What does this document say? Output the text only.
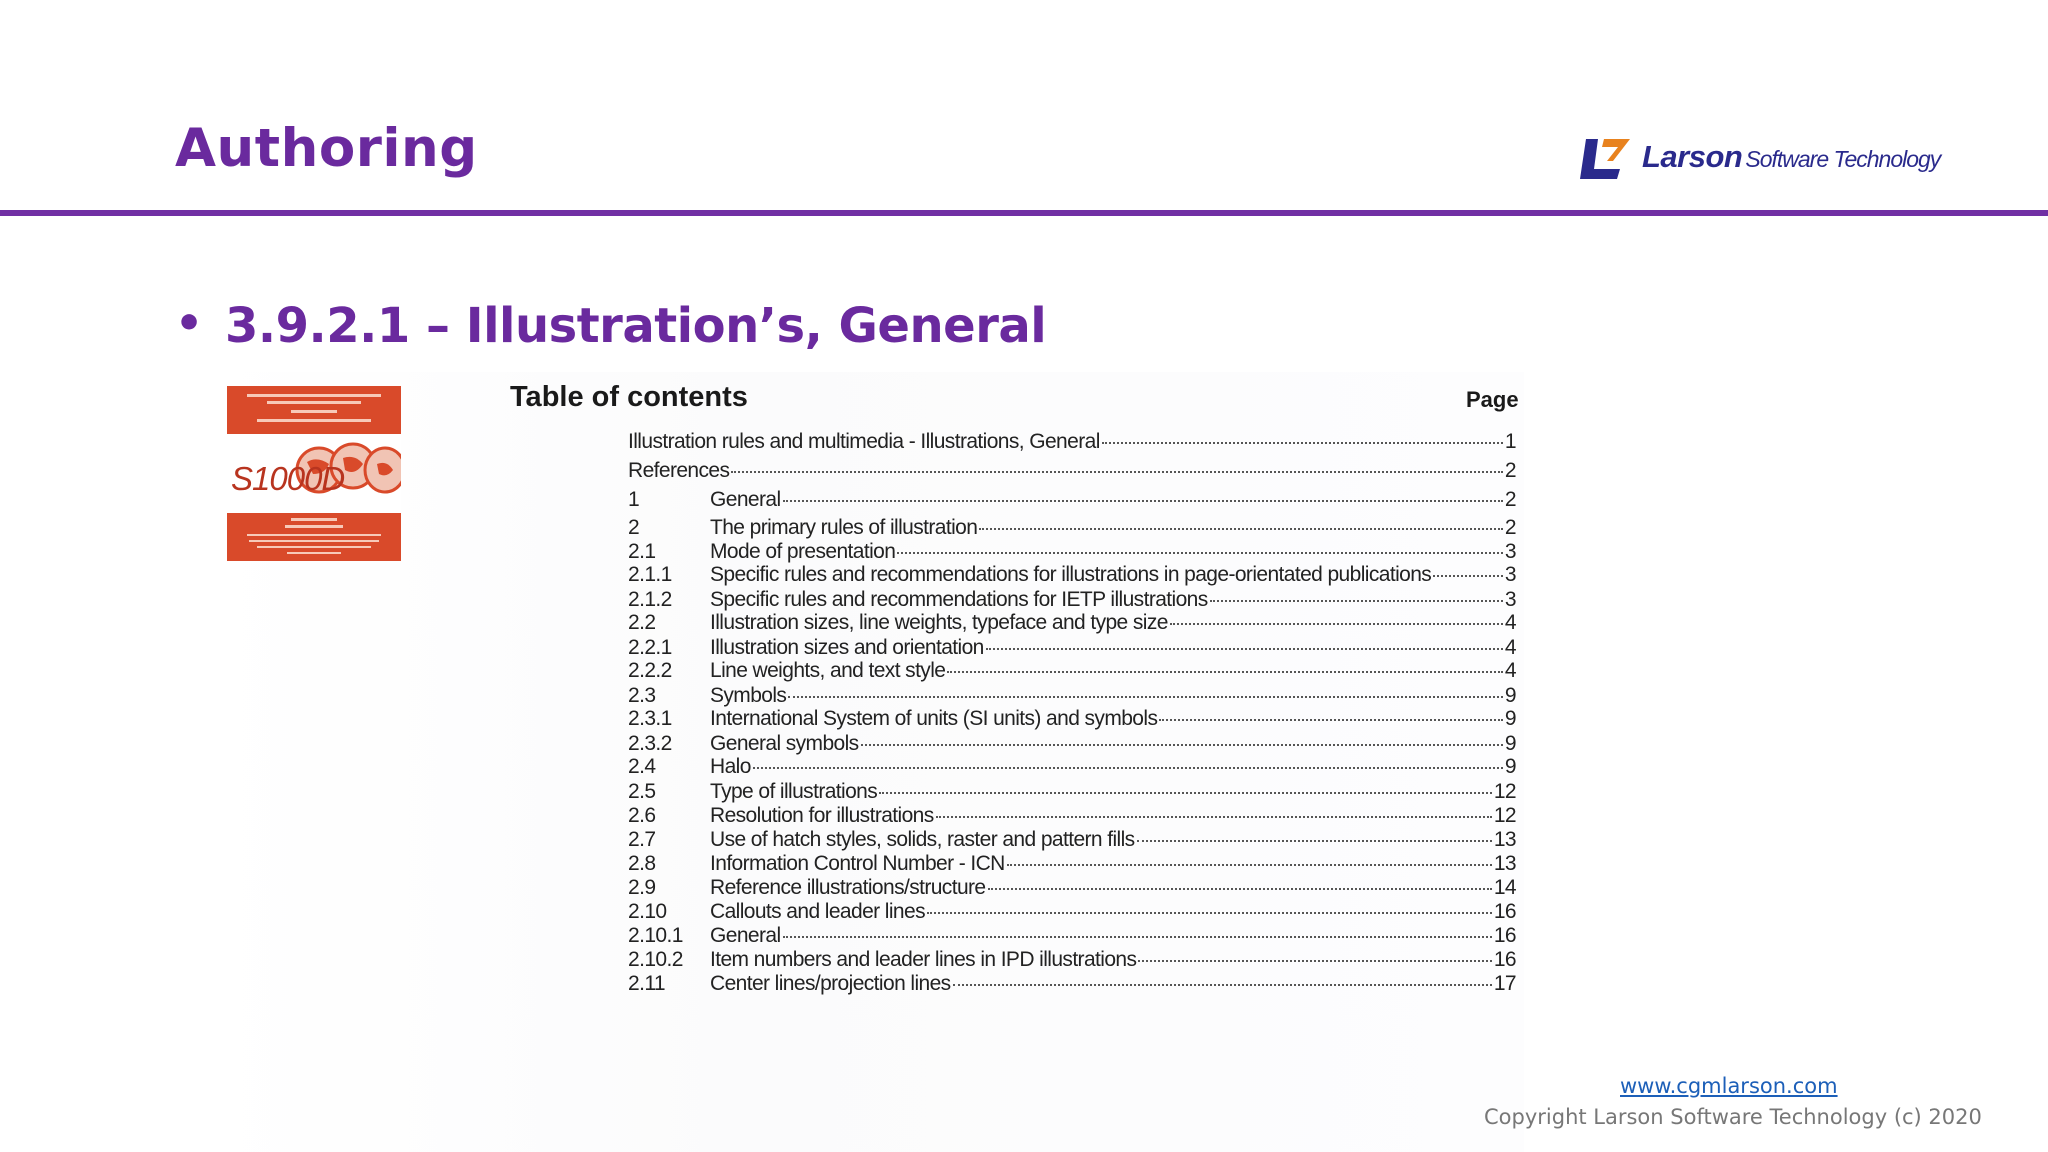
Authoring	Larson Software Technology
• 3.9.2.1 – Illustration’s, General
S1000D
Table of contents	Page
Illustration rules and multimedia - Illustrations, General	1
References	2
1	General	2
2	The primary rules of illustration	2
2.1	Mode of presentation	3
2.1.1 Specific rules and recommendations for illustrations in page-orientated publications	3
2.1.2 Specific rules and recommendations for IETP illustrations	3
2.2	Illustration sizes, line weights, typeface and type size	4
2.2.1 Illustration sizes and orientation	4
2.2.2 Line weights, and text style	4
2.3	Symbols	9
2.3.1 International System of units (SI units) and symbols	9
2.3.2 General symbols	9
2.4	Halo	9
2.5	Type of illustrations	12
2.6	Resolution for illustrations	12
2.7	Use of hatch styles, solids, raster and pattern fills	13
2.8	Information Control Number - ICN	13
2.9	Reference illustrations/structure	14
2.10 Callouts and leader lines	16
2.10.1 General	16
2.10.2 Item numbers and leader lines in IPD illustrations	16
2.11 Center lines/projection lines	17
www.cgmlarson.com
Copyright Larson Software Technology (c) 2020
